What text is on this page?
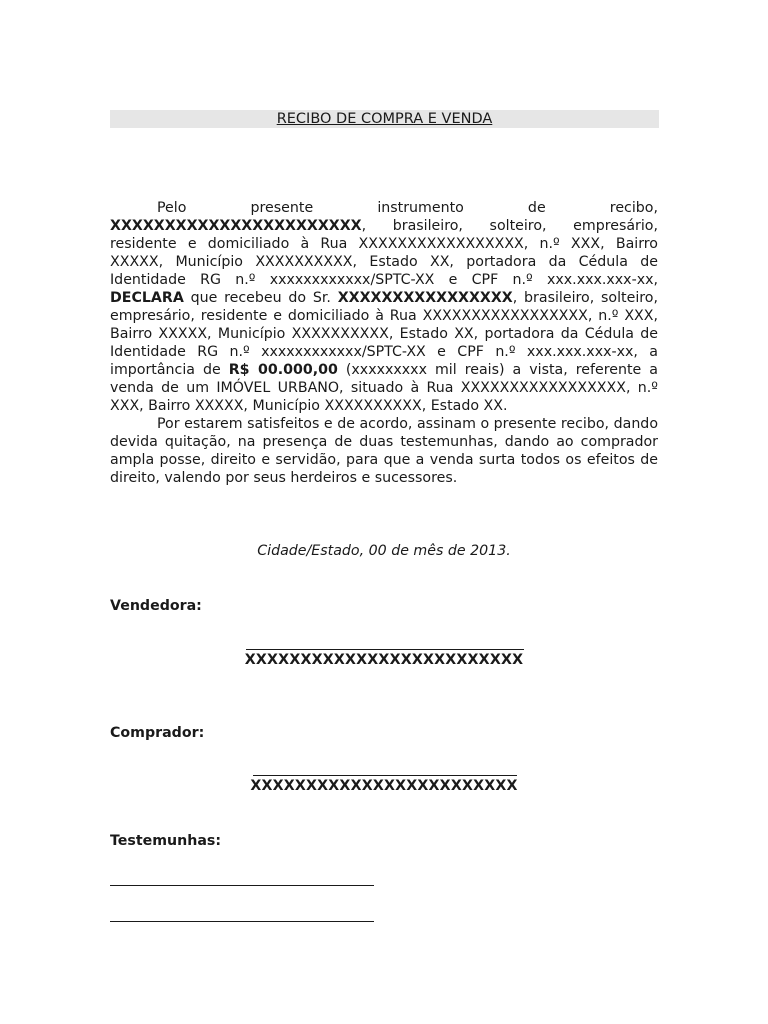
RECIBO DE COMPRA E VENDA

Pelo presente instrumento de recibo, XXXXXXXXXXXXXXXXXXXXXXX, brasileiro, solteiro, empresário, residente e domiciliado à Rua XXXXXXXXXXXXXXXXX, n.º XXX, Bairro XXXXX, Município XXXXXXXXXX, Estado XX, portadora da Cédula de Identidade RG n.º xxxxxxxxxxxx/SPTC-XX e CPF n.º xxx.xxx.xxx-xx, DECLARA que recebeu do Sr. XXXXXXXXXXXXXXXX, brasileiro, solteiro, empresário, residente e domiciliado à Rua XXXXXXXXXXXXXXXXX, n.º XXX, Bairro XXXXX, Município XXXXXXXXXX, Estado XX, portadora da Cédula de Identidade RG n.º xxxxxxxxxxxx/SPTC-XX e CPF n.º xxx.xxx.xxx-xx, a importância de R$ 00.000,00 (xxxxxxxxx mil reais) a vista, referente a venda de um IMÓVEL URBANO, situado à Rua XXXXXXXXXXXXXXXXX, n.º XXX, Bairro XXXXX, Município XXXXXXXXXX, Estado XX.

Por estarem satisfeitos e de acordo, assinam o presente recibo, dando devida quitação, na presença de duas testemunhas, dando ao comprador ampla posse, direito e servidão, para que a venda surta todos os efeitos de direito, valendo por seus herdeiros e sucessores.

Cidade/Estado, 00 de mês de 2013.
Vendedora:
XXXXXXXXXXXXXXXXXXXXXXXXX
Comprador:
XXXXXXXXXXXXXXXXXXXXXXXX
Testemunhas:
